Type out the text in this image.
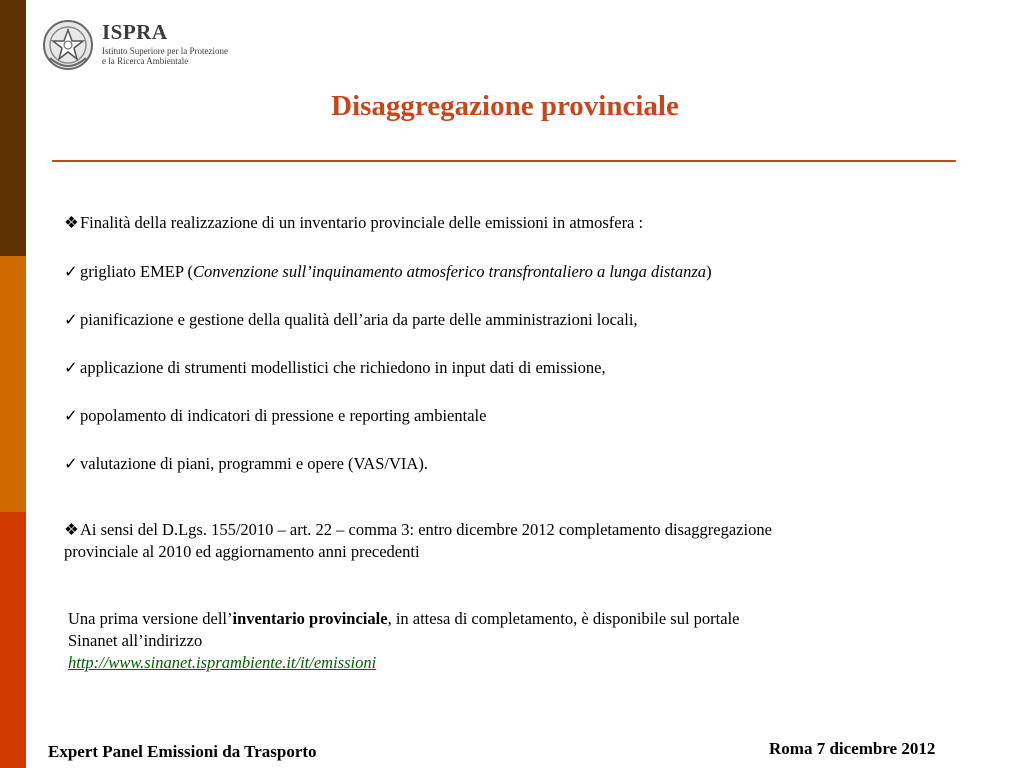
ISPRA
Istituto Superiore per la Protezione
e la Ricerca Ambientale
Disaggregazione provinciale
❖Finalità della realizzazione di un inventario provinciale delle emissioni in atmosfera :
✓ grigliato EMEP (Convenzione sull’inquinamento atmosferico transfrontaliero a lunga distanza)
✓ pianificazione e gestione della qualità dell’aria da parte delle amministrazioni locali,
✓ applicazione di strumenti modellistici che richiedono in input dati di emissione,
✓ popolamento di indicatori di pressione e reporting ambientale
✓ valutazione di piani, programmi e opere (VAS/VIA).
❖Ai sensi del D.Lgs. 155/2010 – art. 22 – comma 3: entro dicembre 2012 completamento disaggregazione
provinciale al 2010 ed aggiornamento anni precedenti
Una prima versione dell’inventario provinciale, in attesa di completamento, è disponibile sul portale
Sinanet all’indirizzo
http://www.sinanet.isprambiente.it/it/emissioni
Expert Panel Emissioni da Trasporto	Roma 7 dicembre 2012
